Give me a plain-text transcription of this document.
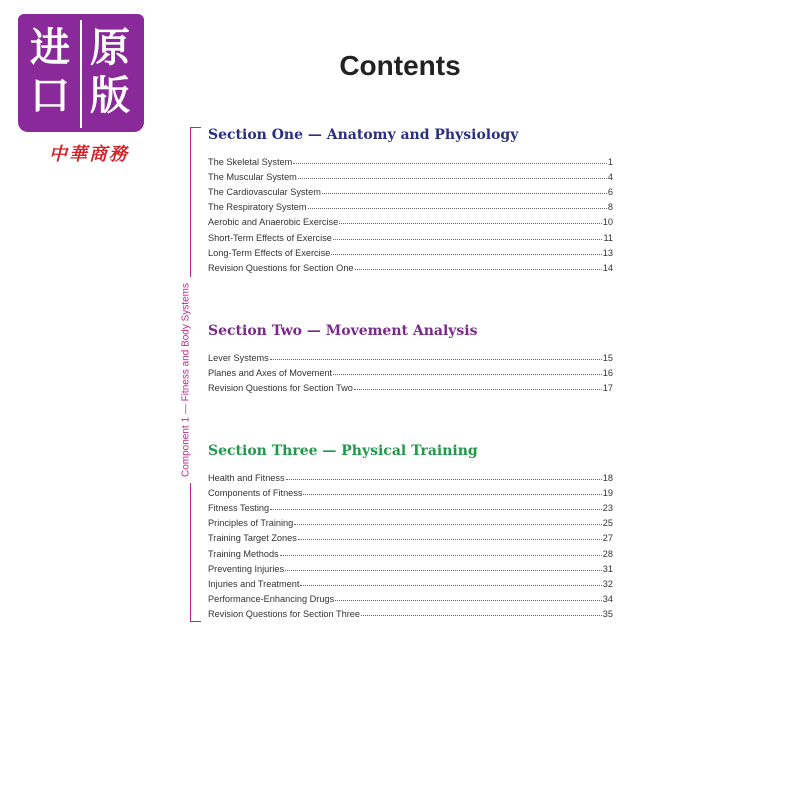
进 原
口 版
中華商務
Contents
Component 1 — Fitness and Body Systems
Section One — Anatomy and Physiology
The Skeletal System	1
The Muscular System	4
The Cardiovascular System	6
The Respiratory System	8
Aerobic and Anaerobic Exercise	10
Short-Term Effects of Exercise	11
Long-Term Effects of Exercise	13
Revision Questions for Section One	14
Section Two — Movement Analysis
Lever Systems	15
Planes and Axes of Movement	16
Revision Questions for Section Two	17
Section Three — Physical Training
Health and Fitness	18
Components of Fitness	19
Fitness Testing	23
Principles of Training	25
Training Target Zones	27
Training Methods	28
Preventing Injuries	31
Injuries and Treatment	32
Performance-Enhancing Drugs	34
Revision Questions for Section Three	35
